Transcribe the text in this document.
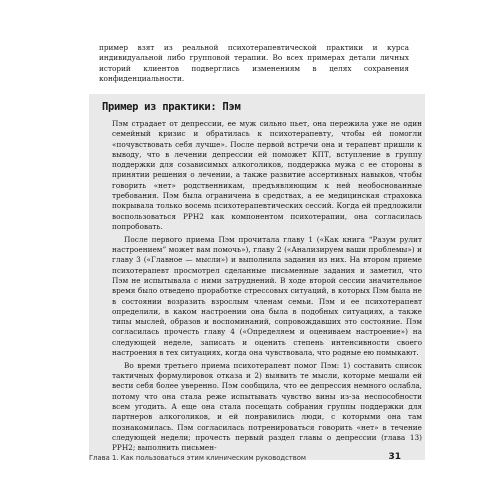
пример взят из реальной психотерапевтической практики и курса индивидуальной либо групповой терапии. Во всех примерах детали личных историй клиентов подверглись изменениям в целях сохранения конфиденциальности.

Пример из практики: Пэм

Пэм страдает от депрессии, ее муж сильно пьет, она пережила уже не один семейный кризис и обратилась к психотерапевту, чтобы ей помогли «почувствовать себя лучше». После первой встречи она и терапевт пришли к выводу, что в лечении депрессии ей поможет КПТ, вступление в группу поддержки для созависимых алкоголиков, поддержка мужа с ее стороны в принятии решения о лечении, а также развитие ассертивных навыков, чтобы говорить «нет» родственникам, предъявляющим к ней необоснованные требования. Пэм была ограничена в средствах, а ее медицинская страховка покрывала только восемь психотерапевтических сессий. Когда ей предложили воспользоваться РРН2 как компонентом психотерапии, она согласилась попробовать.

После первого приема Пэм прочитала главу 1 («Как книга “Разум рулит настроением” может вам помочь»), главу 2 («Анализируем ваши проблемы») и главу 3 («Главное — мысли») и выполнила задания из них. На втором приеме психотерапевт просмотрел сделанные письменные задания и заметил, что Пэм не испытывала с ними затруднений. В ходе второй сессии значительное время было отведено проработке стрессовых ситуаций, в которых Пэм была не в состоянии возразить взрослым членам семьи. Пэм и ее психотерапевт определили, в каком настроении она была в подобных ситуациях, а также типы мыслей, образов и воспоминаний, сопровождавших это состояние. Пэм согласилась прочесть главу 4 («Определяем и оцениваем настроение») на следующей неделе, записать и оценить степень интенсивности своего настроения в тех ситуациях, когда она чувствовала, что родные ею помыкают.

Во время третьего приема психотерапевт помог Пэм: 1) составить список тактичных формулировок отказа и 2) выявить те мысли, которые мешали ей вести себя более уверенно. Пэм сообщила, что ее депрессия немного ослабла, потому что она стала реже испытывать чувство вины из-за неспособности всем угодить. А еще она стала посещать собрания группы поддержки для партнеров алкоголиков, и ей понравились люди, с которыми она там познакомилась. Пэм согласилась потренироваться говорить «нет» в течение следующей недели; прочесть первый раздел главы о депрессии (глава 13) РРН2; выполнить письмен-

Глава 1. Как пользоваться этим клиническим руководством	31
